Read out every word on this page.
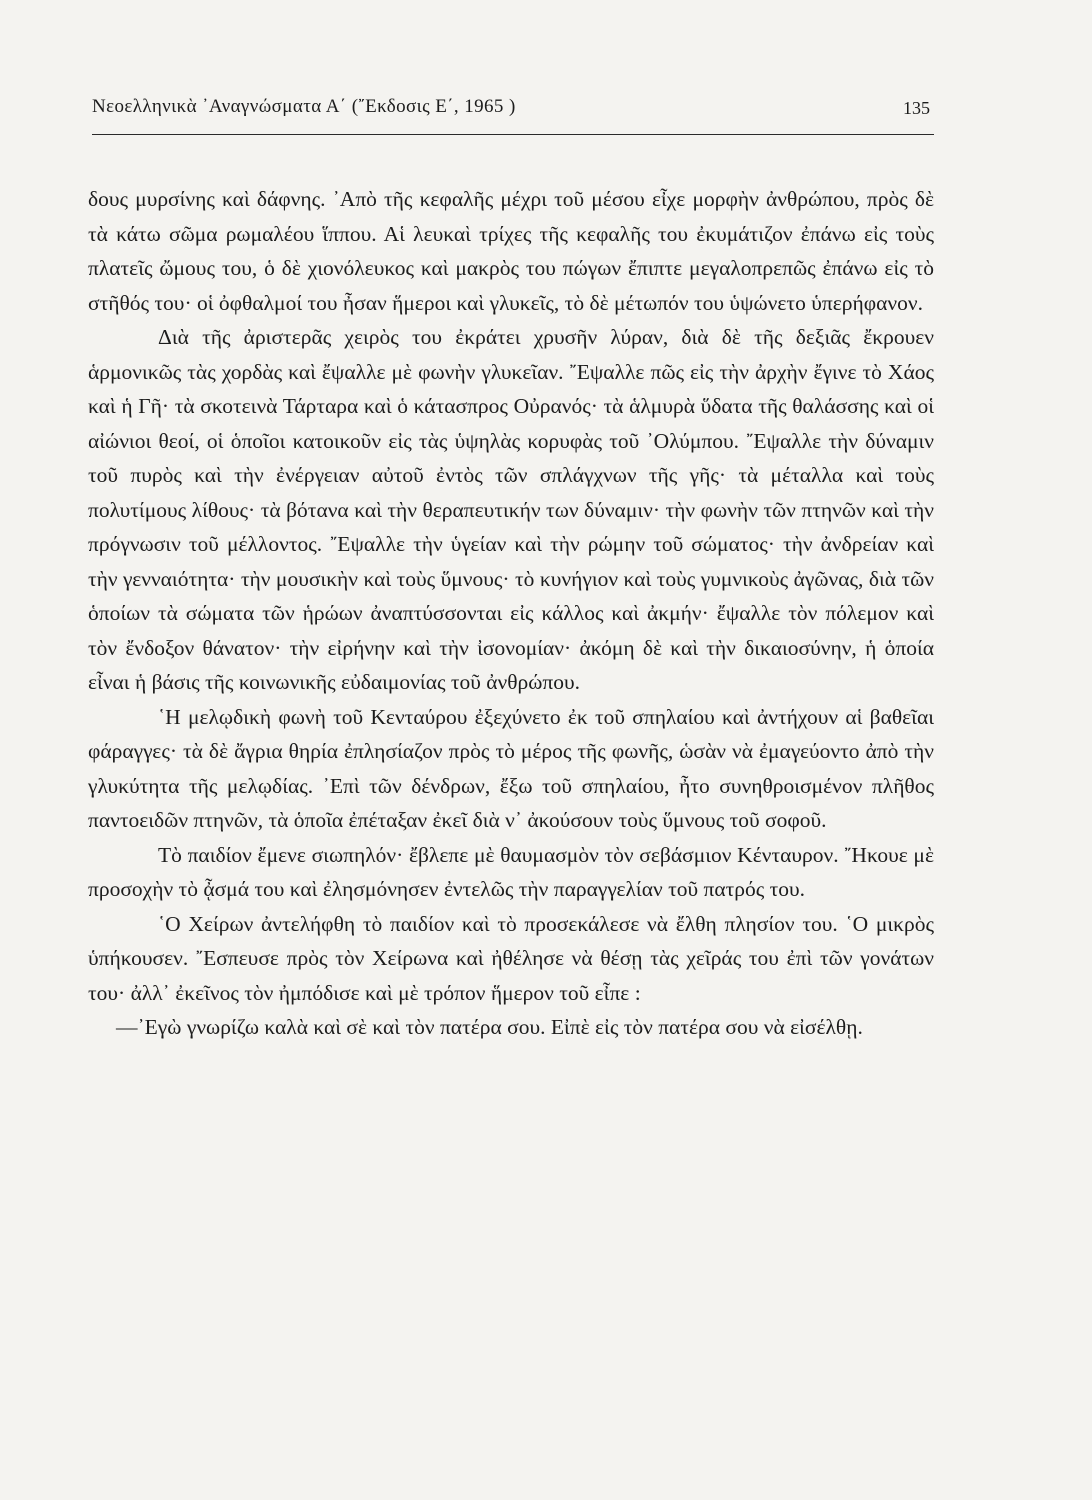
Νεοελληνικὰ ᾿Αναγνώσματα Α΄ (῎Εκδοσις Ε΄, 1965 )	135

δους μυρσίνης καὶ δάφνης. ᾿Απὸ τῆς κεφαλῆς μέχρι τοῦ μέσου εἶχε μορφὴν ἀνθρώπου, πρὸς δὲ τὰ κάτω σῶμα ρωμαλέου ἵππου. Αἱ λευκαὶ τρίχες τῆς κεφαλῆς του ἐκυμάτιζον ἐπάνω εἰς τοὺς πλατεῖς ὤμους του, ὁ δὲ χιονόλευκος καὶ μακρὸς του πώγων ἔπιπτε μεγαλοπρεπῶς ἐπάνω εἰς τὸ στῆθός του· οἱ ὀφθαλμοί του ἦσαν ἥμεροι καὶ γλυκεῖς, τὸ δὲ μέτωπόν του ὑψώνετο ὑπερήφανον.

Διὰ τῆς ἀριστερᾶς χειρὸς του ἐκράτει χρυσῆν λύραν, διὰ δὲ τῆς δεξιᾶς ἔκρουεν ἁρμονικῶς τὰς χορδὰς καὶ ἔψαλλε μὲ φωνὴν γλυκεῖαν. ῎Εψαλλε πῶς εἰς τὴν ἀρχὴν ἔγινε τὸ Χάος καὶ ἡ Γῆ· τὰ σκοτεινὰ Τάρταρα καὶ ὁ κάτασπρος Οὐρανός· τὰ ἁλμυρὰ ὕδατα τῆς θαλάσσης καὶ οἱ αἰώνιοι θεοί, οἱ ὁποῖοι κατοικοῦν εἰς τὰς ὑψηλὰς κορυφὰς τοῦ ᾿Ολύμπου. ῎Εψαλλε τὴν δύναμιν τοῦ πυρὸς καὶ τὴν ἐνέργειαν αὐτοῦ ἐντὸς τῶν σπλάγχνων τῆς γῆς· τὰ μέταλλα καὶ τοὺς πολυτίμους λίθους· τὰ βότανα καὶ τὴν θεραπευτικήν των δύναμιν· τὴν φωνὴν τῶν πτηνῶν καὶ τὴν πρόγνωσιν τοῦ μέλλοντος. ῎Εψαλλε τὴν ὑγείαν καὶ τὴν ρώμην τοῦ σώματος· τὴν ἀνδρείαν καὶ τὴν γενναιότητα· τὴν μουσικὴν καὶ τοὺς ὕμνους· τὸ κυνήγιον καὶ τοὺς γυμνικοὺς ἀγῶνας, διὰ τῶν ὁποίων τὰ σώματα τῶν ἡρώων ἀναπτύσσονται εἰς κάλλος καὶ ἀκμήν· ἔψαλλε τὸν πόλεμον καὶ τὸν ἔνδοξον θάνατον· τὴν εἰρήνην καὶ τὴν ἰσονομίαν· ἀκόμη δὲ καὶ τὴν δικαιοσύνην, ἡ ὁποία εἶναι ἡ βάσις τῆς κοινωνικῆς εὐδαιμονίας τοῦ ἀνθρώπου.

῾Η μελῳδικὴ φωνὴ τοῦ Κενταύρου ἐξεχύνετο ἐκ τοῦ σπηλαίου καὶ ἀντήχουν αἱ βαθεῖαι φάραγγες· τὰ δὲ ἄγρια θηρία ἐπλησίαζον πρὸς τὸ μέρος τῆς φωνῆς, ὡσὰν νὰ ἐμαγεύοντο ἀπὸ τὴν γλυκύτητα τῆς μελῳδίας. ᾿Επὶ τῶν δένδρων, ἔξω τοῦ σπηλαίου, ἦτο συνηθροισμένον πλῆθος παντοειδῶν πτηνῶν, τὰ ὁποῖα ἐπέταξαν ἐκεῖ διὰ ν᾿ ἀκούσουν τοὺς ὕμνους τοῦ σοφοῦ.

Τὸ παιδίον ἔμενε σιωπηλόν· ἔβλεπε μὲ θαυμασμὸν τὸν σεβάσμιον Κένταυρον. ῎Ηκουε μὲ προσοχὴν τὸ ᾆσμά του καὶ ἐλησμόνησεν ἐντελῶς τὴν παραγγελίαν τοῦ πατρός του.

῾Ο Χείρων ἀντελήφθη τὸ παιδίον καὶ τὸ προσεκάλεσε νὰ ἔλθη πλησίον του. ῾Ο μικρὸς ὑπήκουσεν. ῎Εσπευσε πρὸς τὸν Χείρωνα καὶ ἠθέλησε νὰ θέσῃ τὰς χεῖράς του ἐπὶ τῶν γονάτων του· ἀλλ᾿ ἐκεῖνος τὸν ἠμπόδισε καὶ μὲ τρόπον ἥμερον τοῦ εἶπε :

—᾿Εγὼ γνωρίζω καλὰ καὶ σὲ καὶ τὸν πατέρα σου. Εἰπὲ εἰς τὸν πατέρα σου νὰ εἰσέλθῃ.
